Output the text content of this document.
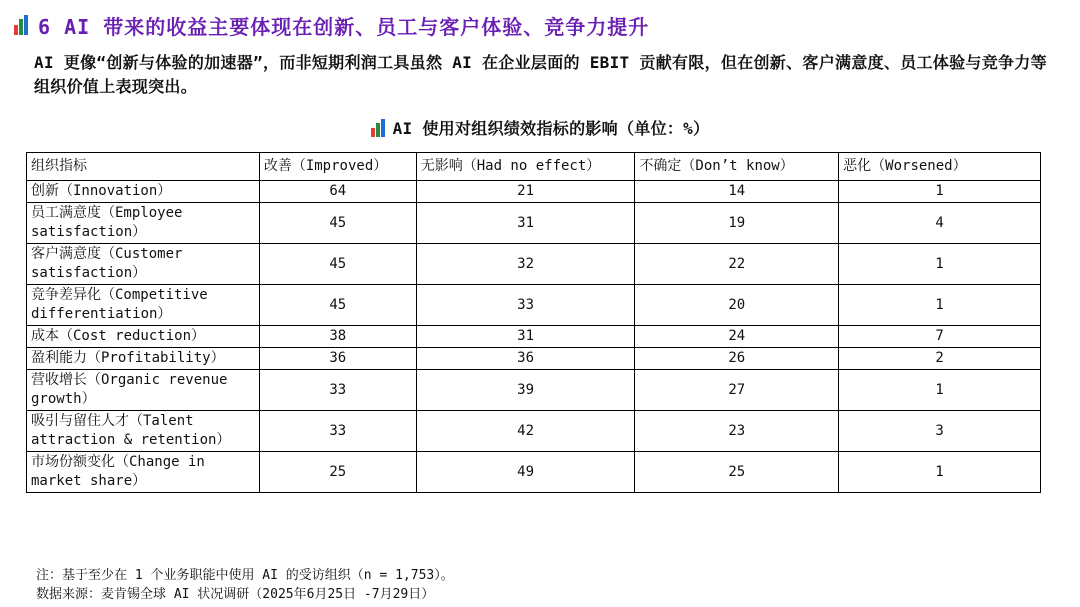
6 AI 带来的收益主要体现在创新、员工与客户体验、竞争力提升
AI 更像“创新与体验的加速器”，而非短期利润工具虽然 AI 在企业层面的 EBIT 贡献有限，但在创新、客户满意度、员工体验与竞争力等组织价值上表现突出。
AI 使用对组织绩效指标的影响（单位：%）
组织指标	改善（Improved）	无影响（Had no effect）	不确定（Don’t know）	恶化（Worsened）
创新（Innovation）	64	21	14	1
员工满意度（Employee satisfaction）	45	31	19	4
客户满意度（Customer satisfaction）	45	32	22	1
竞争差异化（Competitive differentiation）	45	33	20	1
成本（Cost reduction）	38	31	24	7
盈利能力（Profitability）	36	36	26	2
营收增长（Organic revenue growth）	33	39	27	1
吸引与留住人才（Talent attraction & retention）	33	42	23	3
市场份额变化（Change in market share）	25	49	25	1
注：基于至少在 1 个业务职能中使用 AI 的受访组织（n = 1,753）。
数据来源：麦肯锡全球 AI 状况调研（2025年6月25日 -7月29日）
